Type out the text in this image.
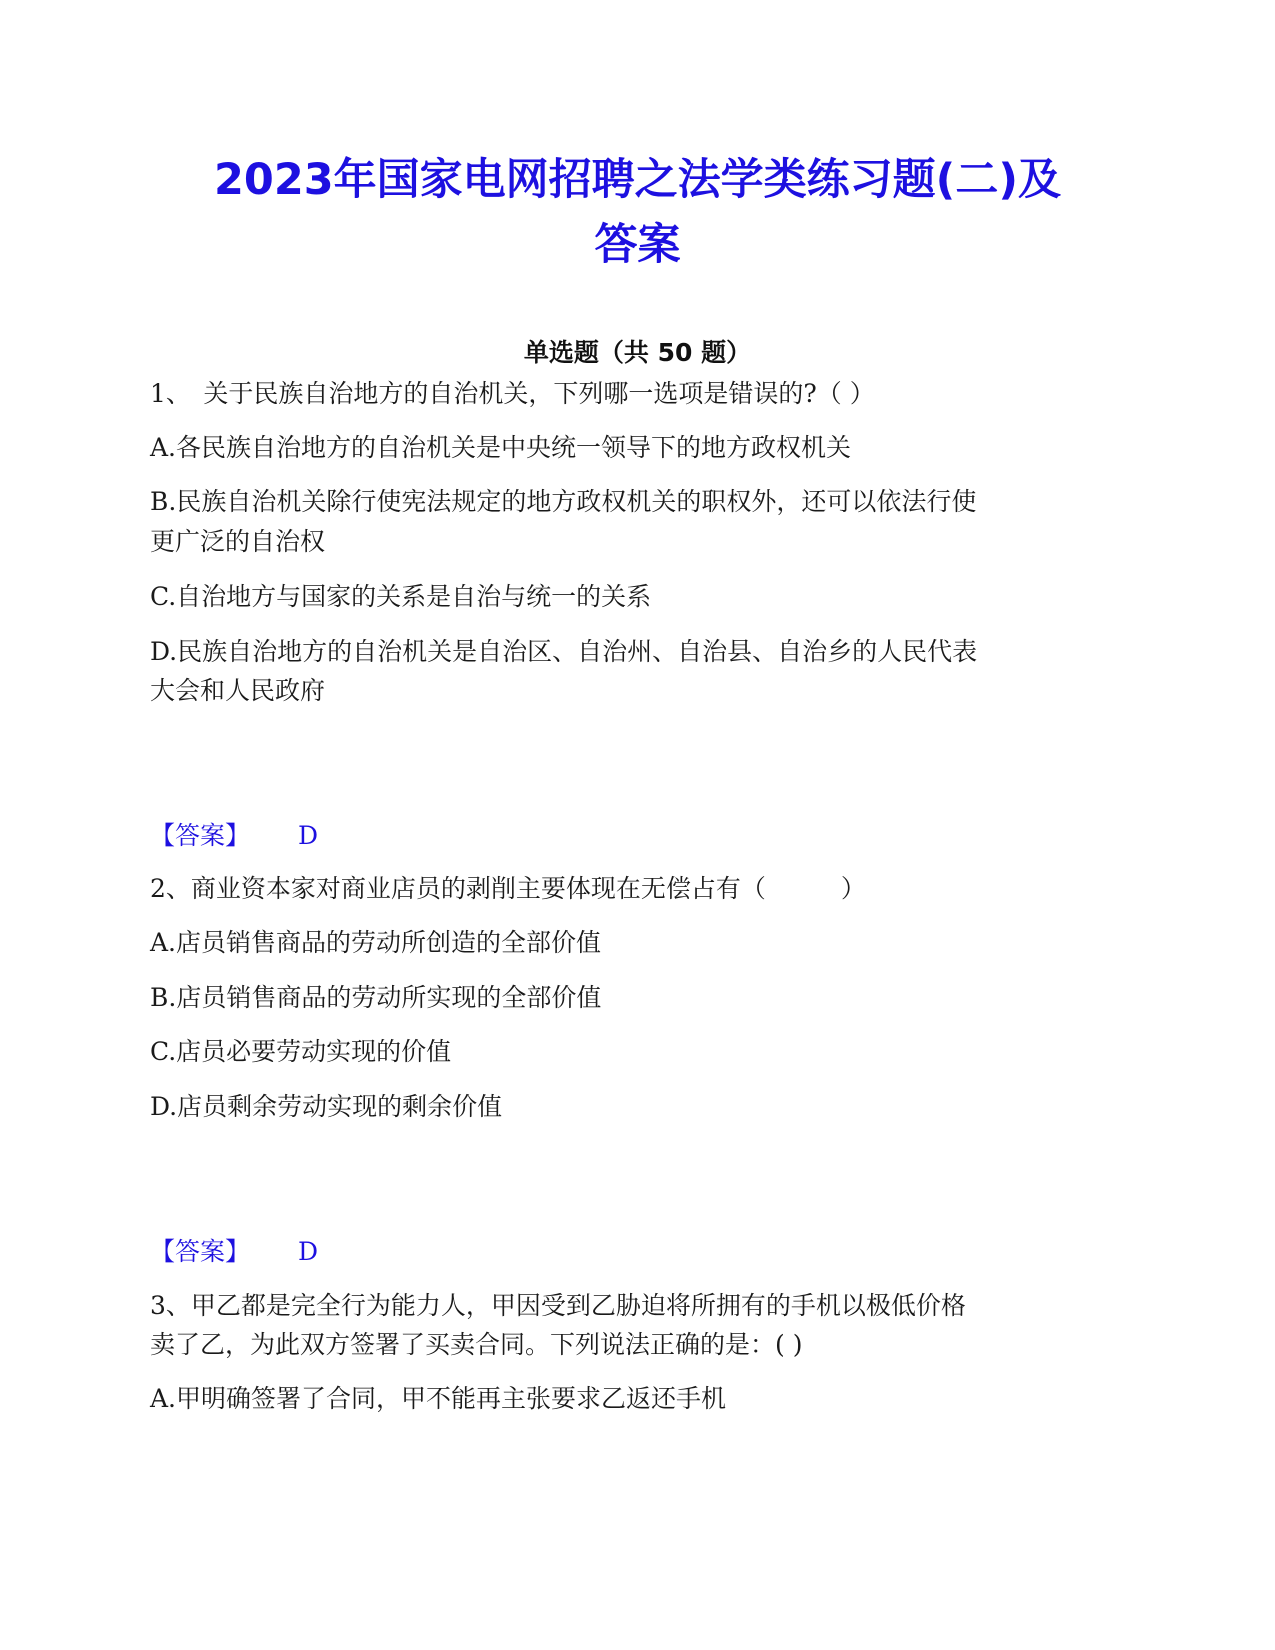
2023年国家电网招聘之法学类练习题(二)及
答案
单选题（共 50 题）
1、　关于民族自治地方的自治机关，下列哪一选项是错误的?（ ）
A.各民族自治地方的自治机关是中央统一领导下的地方政权机关
B.民族自治机关除行使宪法规定的地方政权机关的职权外，还可以依法行使
更广泛的自治权
C.自治地方与国家的关系是自治与统一的关系
D.民族自治地方的自治机关是自治区、自治州、自治县、自治乡的人民代表
大会和人民政府
【答案】 D
2、商业资本家对商业店员的剥削主要体现在无偿占有（　　　）
A.店员销售商品的劳动所创造的全部价值
B.店员销售商品的劳动所实现的全部价值
C.店员必要劳动实现的价值
D.店员剩余劳动实现的剩余价值
【答案】 D
3、甲乙都是完全行为能力人，甲因受到乙胁迫将所拥有的手机以极低价格
卖了乙，为此双方签署了买卖合同。下列说法正确的是：( )
A.甲明确签署了合同，甲不能再主张要求乙返还手机
